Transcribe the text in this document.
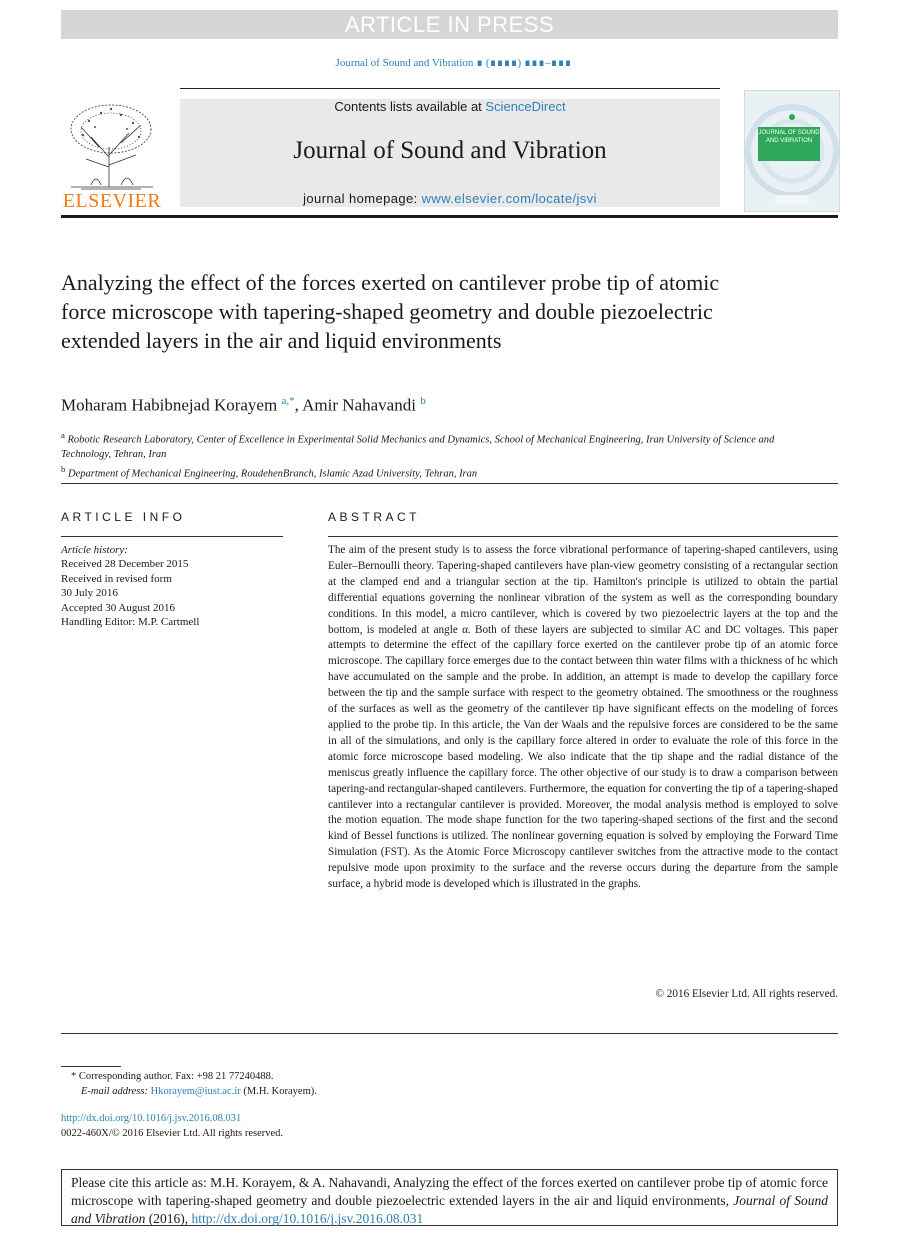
ARTICLE IN PRESS
Journal of Sound and Vibration ∎ (∎∎∎∎) ∎∎∎–∎∎∎
ELSEVIER
Contents lists available at ScienceDirect
Journal of Sound and Vibration
journal homepage: www.elsevier.com/locate/jsvi
JOURNAL OF SOUND AND VIBRATION
Analyzing the effect of the forces exerted on cantilever probe tip of atomic force microscope with tapering-shaped geometry and double piezoelectric extended layers in the air and liquid environments
Moharam Habibnejad Korayem $^{a,*}$, Amir Nahavandi $^b$
$^a$ Robotic Research Laboratory, Center of Excellence in Experimental Solid Mechanics and Dynamics, School of Mechanical Engineering, Iran University of Science and Technology, Tehran, Iran
$^b$ Department of Mechanical Engineering, RoudehenBranch, Islamic Azad University, Tehran, Iran
ARTICLE INFO
Article history:
Received 28 December 2015
Received in revised form
30 July 2016
Accepted 30 August 2016
Handling Editor: M.P. Cartmell
ABSTRACT
The aim of the present study is to assess the force vibrational performance of tapering-shaped cantilevers, using Euler–Bernoulli theory. Tapering-shaped cantilevers have plan-view geometry consisting of a rectangular section at the clamped end and a triangular section at the tip. Hamilton's principle is utilized to obtain the partial differential equations governing the nonlinear vibration of the system as well as the corresponding boundary conditions. In this model, a micro cantilever, which is covered by two piezoelectric layers at the top and the bottom, is modeled at angle α. Both of these layers are subjected to similar AC and DC voltages. This paper attempts to determine the effect of the capillary force exerted on the cantilever probe tip of an atomic force microscope. The capillary force emerges due to the contact between thin water films with a thickness of hc which have accumulated on the sample and the probe. In addition, an attempt is made to develop the capillary force between the tip and the sample surface with respect to the geometry obtained. The smoothness or the roughness of the surfaces as well as the geometry of the cantilever tip have significant effects on the modeling of forces applied to the probe tip. In this article, the Van der Waals and the repulsive forces are considered to be the same in all of the simulations, and only is the capillary force altered in order to evaluate the role of this force in the atomic force microscope based modeling. We also indicate that the tip shape and the radial distance of the meniscus greatly influence the capillary force. The other objective of our study is to draw a comparison between tapering-and rectangular-shaped cantilevers. Furthermore, the equation for converting the tip of a tapering-shaped cantilever into a rectangular cantilever is provided. Moreover, the modal analysis method is employed to solve the motion equation. The mode shape function for the two tapering-shaped sections of the first and the second kind of Bessel functions is utilized. The nonlinear governing equation is solved by employing the Forward Time Simulation (FST). As the Atomic Force Microscopy cantilever switches from the attractive mode to the contact repulsive mode upon proximity to the surface and the reverse occurs during the departure from the sample surface, a hybrid mode is developed which is illustrated in the graphs.
© 2016 Elsevier Ltd. All rights reserved.
* Corresponding author. Fax: +98 21 77240488.
E-mail address: Hkorayem@iust.ac.ir (M.H. Korayem).
http://dx.doi.org/10.1016/j.jsv.2016.08.031
0022-460X/© 2016 Elsevier Ltd. All rights reserved.
Please cite this article as: M.H. Korayem, & A. Nahavandi, Analyzing the effect of the forces exerted on cantilever probe tip of atomic force microscope with tapering-shaped geometry and double piezoelectric extended layers in the air and liquid environments, Journal of Sound and Vibration (2016), http://dx.doi.org/10.1016/j.jsv.2016.08.031
